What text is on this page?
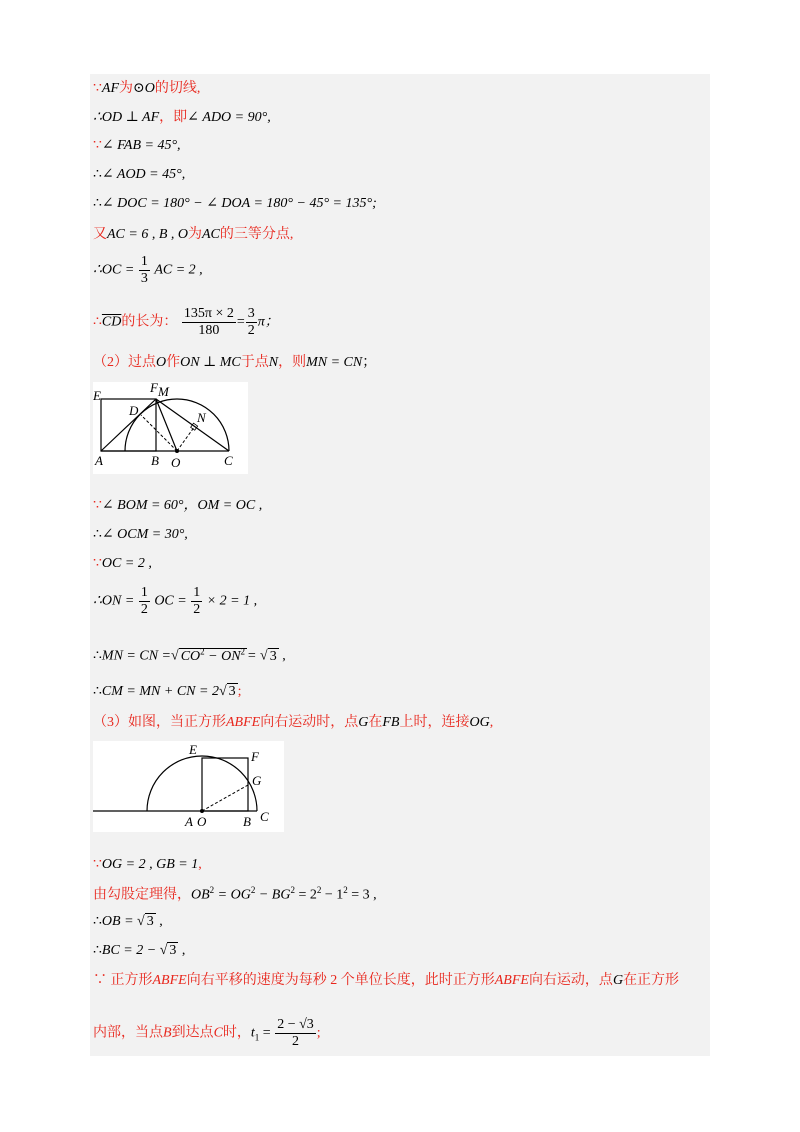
∵AF为⊙O的切线,
∴OD ⊥ AF，即∠ ADO = 90°,
∵∠ FAB = 45°,
∴∠ AOD = 45°,
∴∠ DOC = 180° − ∠ DOA = 180° − 45° = 135°;
又AC = 6 , B , O为AC的三等分点,
∴OC = $\frac{1}{3}$ AC = 2 ,
$\therefore\overline{CD}$的长为： $\frac{135\pi \times 2}{180} = \frac{3}{2}$ π；
（2）过点O作ON ⊥ MC于点N，则MN = CN；
E
F M
D	N
A	B O	C
∵∠ BOM = 60°，OM = OC ,
∴∠ OCM = 30°,
∵OC = 2 ,
∴ON = $\frac{1}{2}$ OC = $\frac{1}{2} \times 2 = 1$ ,
∴MN = CN =√ $CO^2 - ON^2$ = √ 3 ,
∴CM = MN + CN = 2√ 3 ;
（3）如图，当正方形ABFE向右运动时，点G在FB上时，连接OG,
E	F
G
A O	B C
∵OG = 2 , GB = 1,
由勾股定理得，$OB^2 = OG^2 - BG^2 = 2^2 - 1^2 = 3$ ,
∴OB = √ 3 ,
∴BC = 2 − √ 3 ,
∵ 正方形ABFE向右平移的速度为每秒 2 个单位长度，此时正方形ABFE向右运动，点G在正方形
内部，当点B到达点C时，$t_1 = \frac{2 - √3}{2}$ ;
